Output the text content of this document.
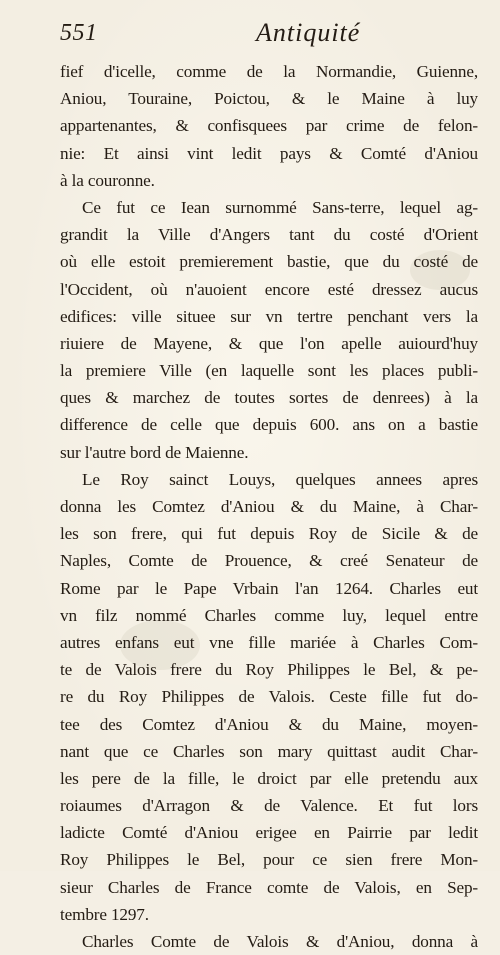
551	Antiquité
fief d'icelle, comme de la Normandie, Guienne,
Aniou, Touraine, Poictou, & le Maine à luy
appartenantes, & confisquees par crime de felon-
nie: Et ainsi vint ledit pays & Comté d'Aniou
à la couronne.
Ce fut ce Iean surnommé Sans-terre, lequel ag-
grandit la Ville d'Angers tant du costé d'Orient
où elle estoit premierement bastie, que du costé de
l'Occident, où n'auoient encore esté dressez aucus
edifices: ville situee sur vn tertre penchant vers la
riuiere de Mayene, & que l'on apelle auiourd'huy
la premiere Ville (en laquelle sont les places publi-
ques & marchez de toutes sortes de denrees) à la
difference de celle que depuis 600. ans on a bastie
sur l'autre bord de Maienne.
Le Roy sainct Louys, quelques annees apres
donna les Comtez d'Aniou & du Maine, à Char-
les son frere, qui fut depuis Roy de Sicile & de
Naples, Comte de Prouence, & creé Senateur de
Rome par le Pape Vrbain l'an 1264. Charles eut
vn filz nommé Charles comme luy, lequel entre
autres enfans eut vne fille mariée à Charles Com-
te de Valois frere du Roy Philippes le Bel, & pe-
re du Roy Philippes de Valois. Ceste fille fut do-
tee des Comtez d'Aniou & du Maine, moyen-
nant que ce Charles son mary quittast audit Char-
les pere de la fille, le droict par elle pretendu aux
roiaumes d'Arragon & de Valence. Et fut lors
ladicte Comté d'Aniou erigee en Pairrie par ledit
Roy Philippes le Bel, pour ce sien frere Mon-
sieur Charles de France comte de Valois, en Sep-
tembre 1297.
Charles Comte de Valois & d'Aniou, donna à
